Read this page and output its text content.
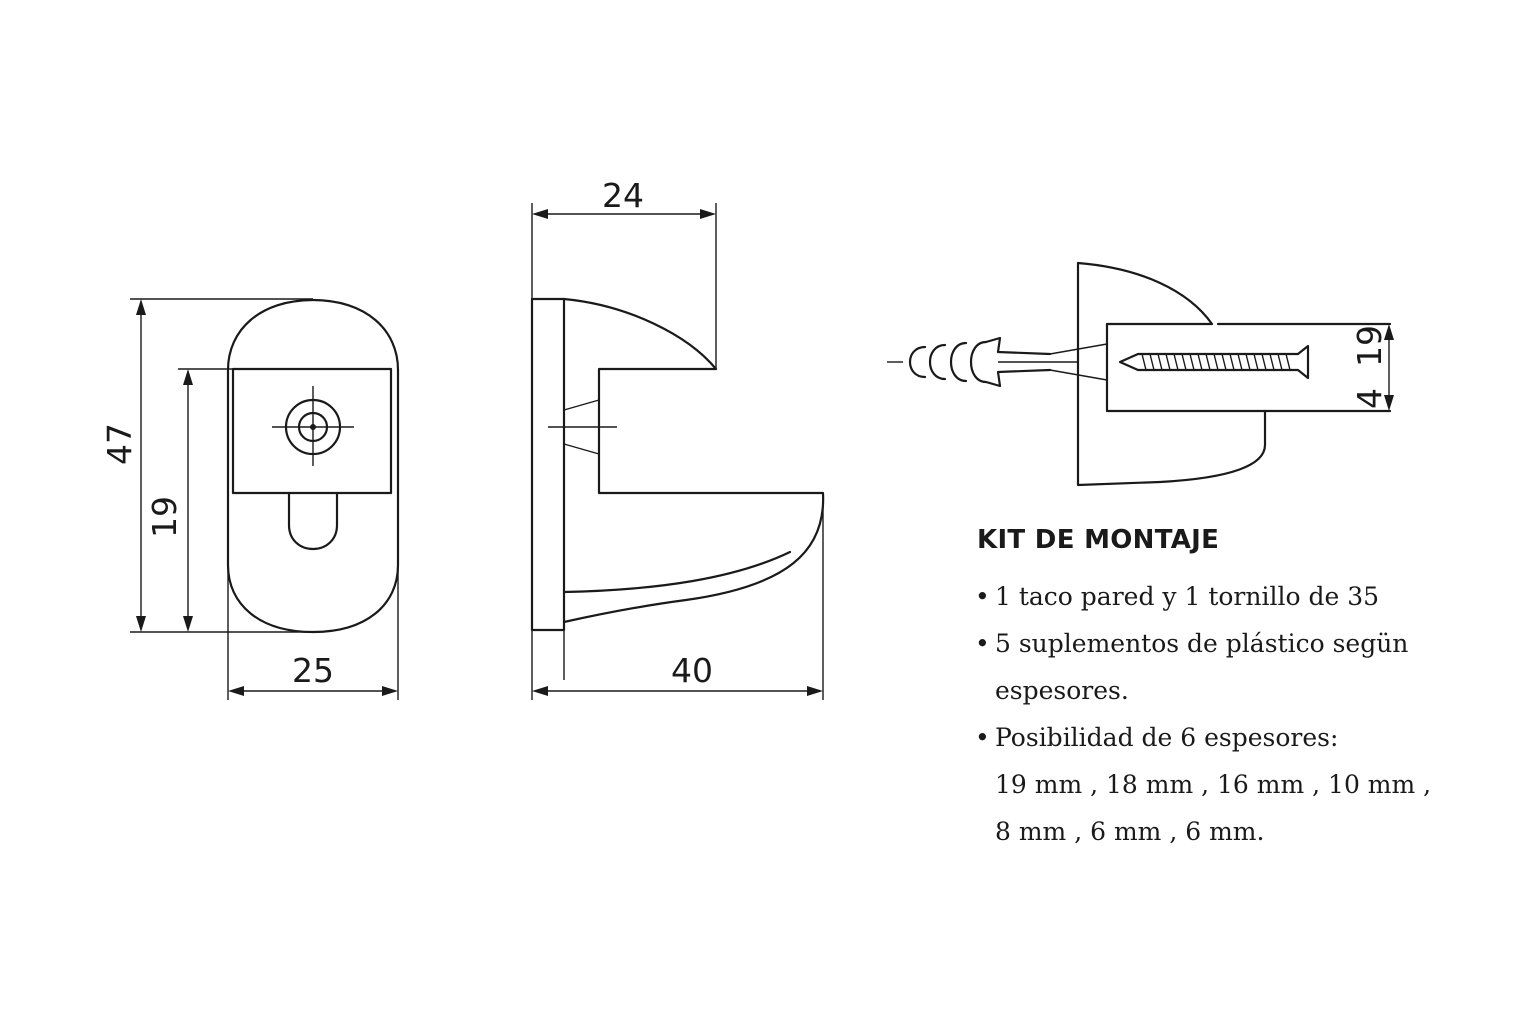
47
19
25
24
40
4  19
KIT DE MONTAJE
• 1 taco pared y 1 tornillo de 35
• 5 suplementos de plástico segün
espesores.
• Posibilidad de 6 espesores:
19 mm , 18 mm , 16 mm , 10 mm ,
8 mm , 6 mm , 6 mm.
